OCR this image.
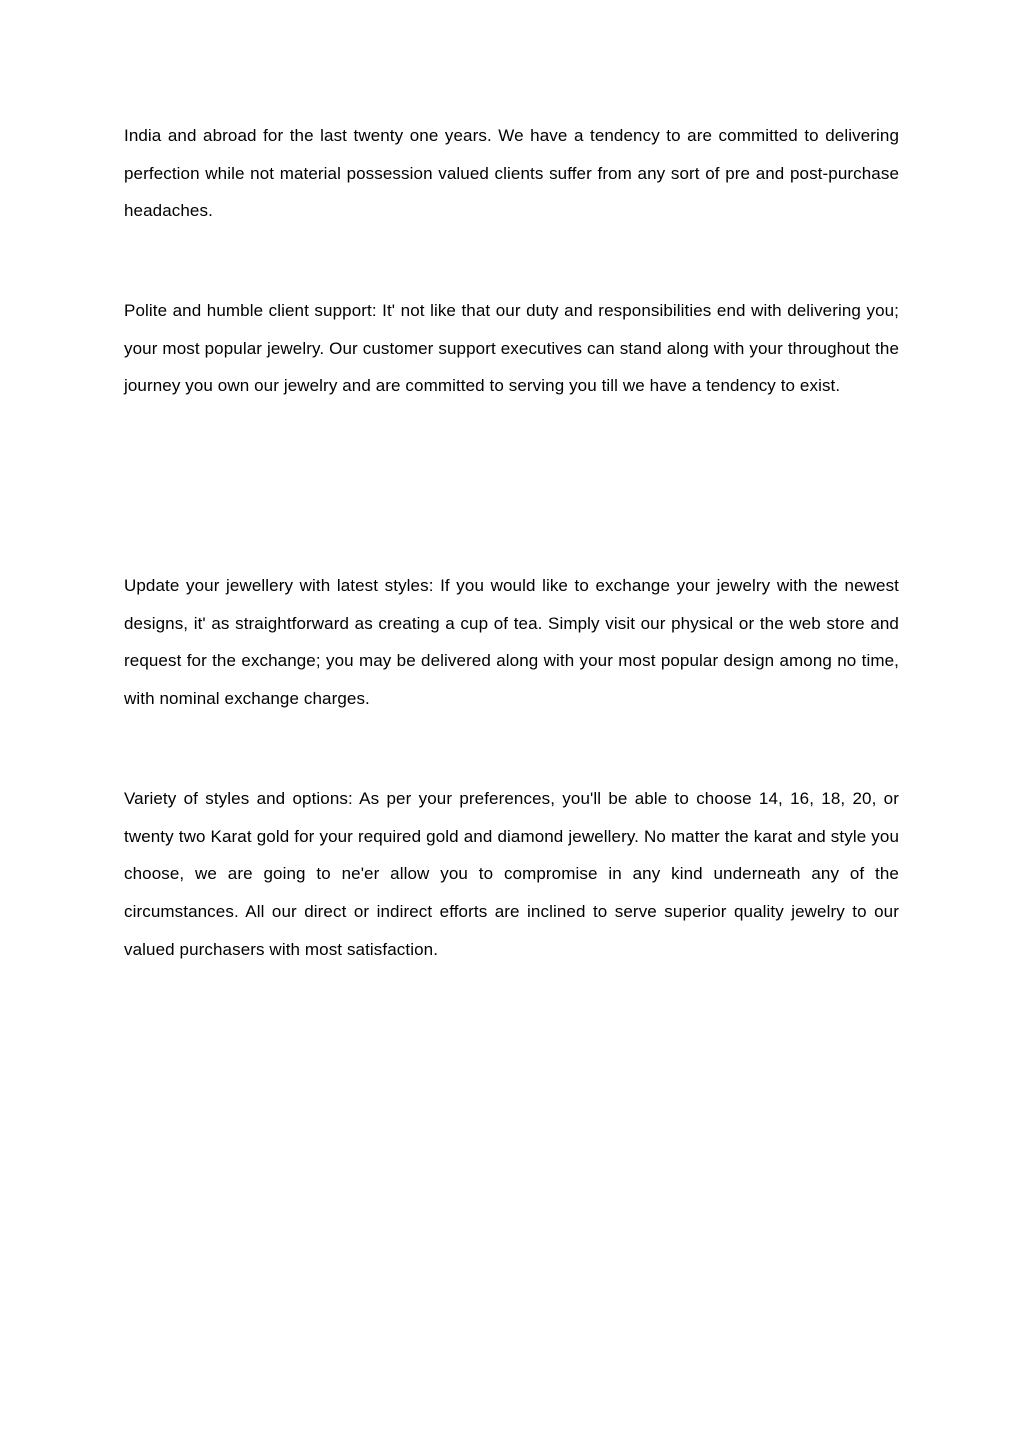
India and abroad for the last twenty one years. We have a tendency to are committed to delivering perfection while not material possession valued clients suffer from any sort of pre and post-purchase headaches.

Polite and humble client support: It' not like that our duty and responsibilities end with delivering you; your most popular jewelry. Our customer support executives can stand along with your throughout the journey you own our jewelry and are committed to serving you till we have a tendency to exist.

Update your jewellery with latest styles: If you would like to exchange your jewelry with the newest designs, it' as straightforward as creating a cup of tea. Simply visit our physical or the web store and request for the exchange; you may be delivered along with your most popular design among no time, with nominal exchange charges.

Variety of styles and options: As per your preferences, you'll be able to choose 14, 16, 18, 20, or twenty two Karat gold for your required gold and diamond jewellery. No matter the karat and style you choose, we are going to ne'er allow you to compromise in any kind underneath any of the circumstances. All our direct or indirect efforts are inclined to serve superior quality jewelry to our valued purchasers with most satisfaction.
